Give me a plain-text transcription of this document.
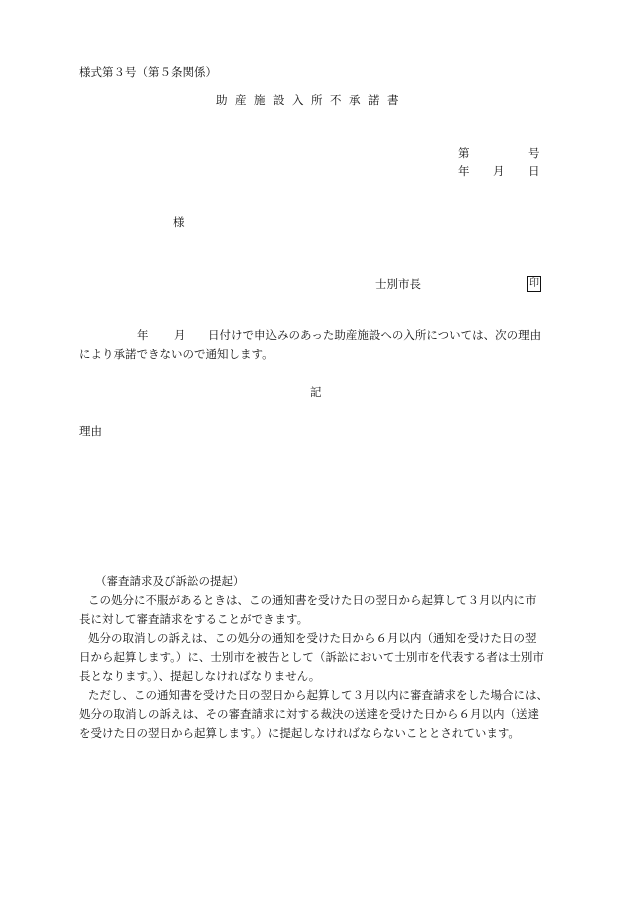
様式第３号（第５条関係）
助産施設入所不承諾書
第	号
年 月 日
様
士別市長	印
年 月 日付けで申込みのあった助産施設への入所については、次の理由
により承諾できないので通知します。
記
理由
（審査請求及び訴訟の提起）
この処分に不服があるときは、この通知書を受けた日の翌日から起算して３月以内に市
長に対して審査請求をすることができます。
処分の取消しの訴えは、この処分の通知を受けた日から６月以内（通知を受けた日の翌
日から起算します。）に、士別市を被告として（訴訟において士別市を代表する者は士別市
長となります。）、提起しなければなりません。
ただし、この通知書を受けた日の翌日から起算して３月以内に審査請求をした場合には、
処分の取消しの訴えは、その審査請求に対する裁決の送達を受けた日から６月以内（送達
を受けた日の翌日から起算します。）に提起しなければならないこととされています。
